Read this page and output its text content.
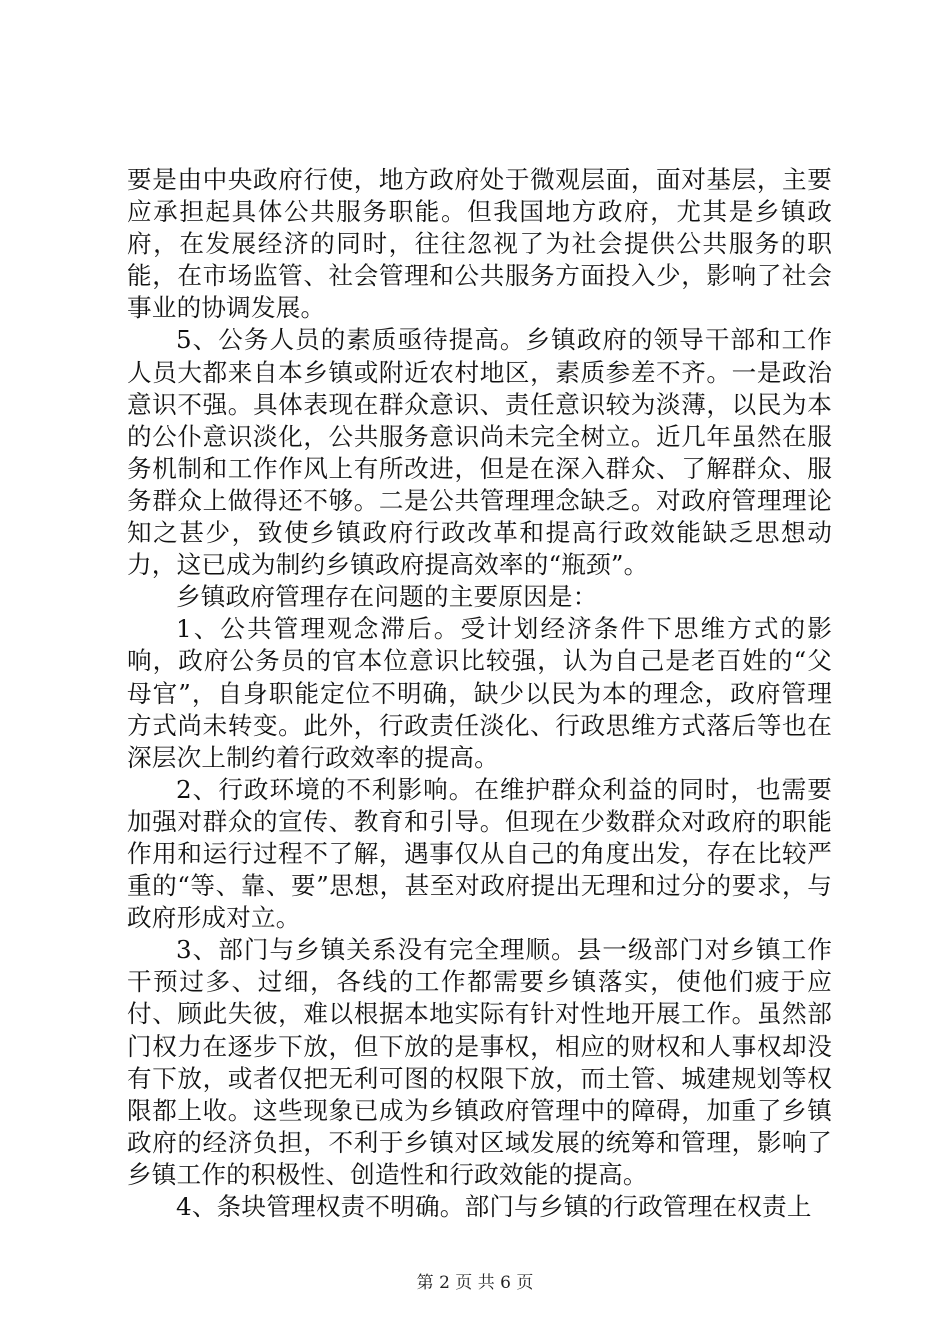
要是由中央政府行使，地方政府处于微观层面，面对基层，主要应承担起具体公共服务职能。但我国地方政府，尤其是乡镇政府，在发展经济的同时，往往忽视了为社会提供公共服务的职能，在市场监管、社会管理和公共服务方面投入少，影响了社会事业的协调发展。

5、公务人员的素质亟待提高。乡镇政府的领导干部和工作人员大都来自本乡镇或附近农村地区，素质参差不齐。一是政治意识不强。具体表现在群众意识、责任意识较为淡薄，以民为本的公仆意识淡化，公共服务意识尚未完全树立。近几年虽然在服务机制和工作作风上有所改进，但是在深入群众、了解群众、服务群众上做得还不够。二是公共管理理念缺乏。对政府管理理论知之甚少，致使乡镇政府行政改革和提高行政效能缺乏思想动力，这已成为制约乡镇政府提高效率的“瓶颈”。

乡镇政府管理存在问题的主要原因是：

1、公共管理观念滞后。受计划经济条件下思维方式的影响，政府公务员的官本位意识比较强，认为自己是老百姓的“父母官”，自身职能定位不明确，缺少以民为本的理念，政府管理方式尚未转变。此外，行政责任淡化、行政思维方式落后等也在深层次上制约着行政效率的提高。

2、行政环境的不利影响。在维护群众利益的同时，也需要加强对群众的宣传、教育和引导。但现在少数群众对政府的职能作用和运行过程不了解，遇事仅从自己的角度出发，存在比较严重的“等、靠、要”思想，甚至对政府提出无理和过分的要求，与政府形成对立。

3、部门与乡镇关系没有完全理顺。县一级部门对乡镇工作干预过多、过细，各线的工作都需要乡镇落实，使他们疲于应付、顾此失彼，难以根据本地实际有针对性地开展工作。虽然部门权力在逐步下放，但下放的是事权，相应的财权和人事权却没有下放，或者仅把无利可图的权限下放，而土管、城建规划等权限都上收。这些现象已成为乡镇政府管理中的障碍，加重了乡镇政府的经济负担，不利于乡镇对区域发展的统筹和管理，影响了乡镇工作的积极性、创造性和行政效能的提高。

4、条块管理权责不明确。部门与乡镇的行政管理在权责上

第 2 页 共 6 页
